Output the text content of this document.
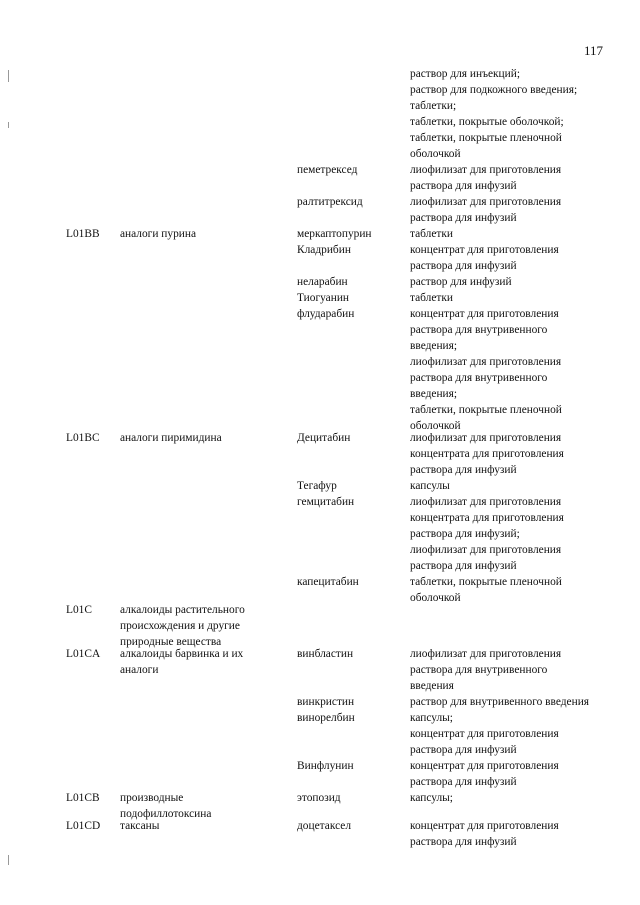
117
раствор для инъекций;
раствор для подкожного введения;
таблетки;
таблетки, покрытые оболочкой;
таблетки, покрытые пленочной
оболочкой
пеметрексед	лиофилизат для приготовления
раствора для инфузий
ралтитрексид	лиофилизат для приготовления
раствора для инфузий
L01BB аналоги пурина	меркаптопурин	таблетки
Кладрибин	концентрат для приготовления
раствора для инфузий
неларабин	раствор для инфузий
Тиогуанин	таблетки
флударабин	концентрат для приготовления
раствора для внутривенного
введения;
лиофилизат для приготовления
раствора для внутривенного
введения;
таблетки, покрытые пленочной
оболочкой
L01BC аналоги пиримидина	Децитабин	лиофилизат для приготовления
концентрата для приготовления
раствора для инфузий
Тегафур	капсулы
гемцитабин	лиофилизат для приготовления
концентрата для приготовления
раствора для инфузий;
лиофилизат для приготовления
раствора для инфузий
капецитабин	таблетки, покрытые пленочной
оболочкой
L01C алкалоиды растительного
происхождения и другие
природные вещества
L01CA алкалоиды барвинка и их	винбластин	лиофилизат для приготовления
аналоги	раствора для внутривенного
введения
винкристин	раствор для внутривенного введения
винорелбин	капсулы;
концентрат для приготовления
раствора для инфузий
Винфлунин	концентрат для приготовления
раствора для инфузий
L01CB производные	этопозид	капсулы;
подофиллотоксина
L01CD таксаны	доцетаксел	концентрат для приготовления
раствора для инфузий
